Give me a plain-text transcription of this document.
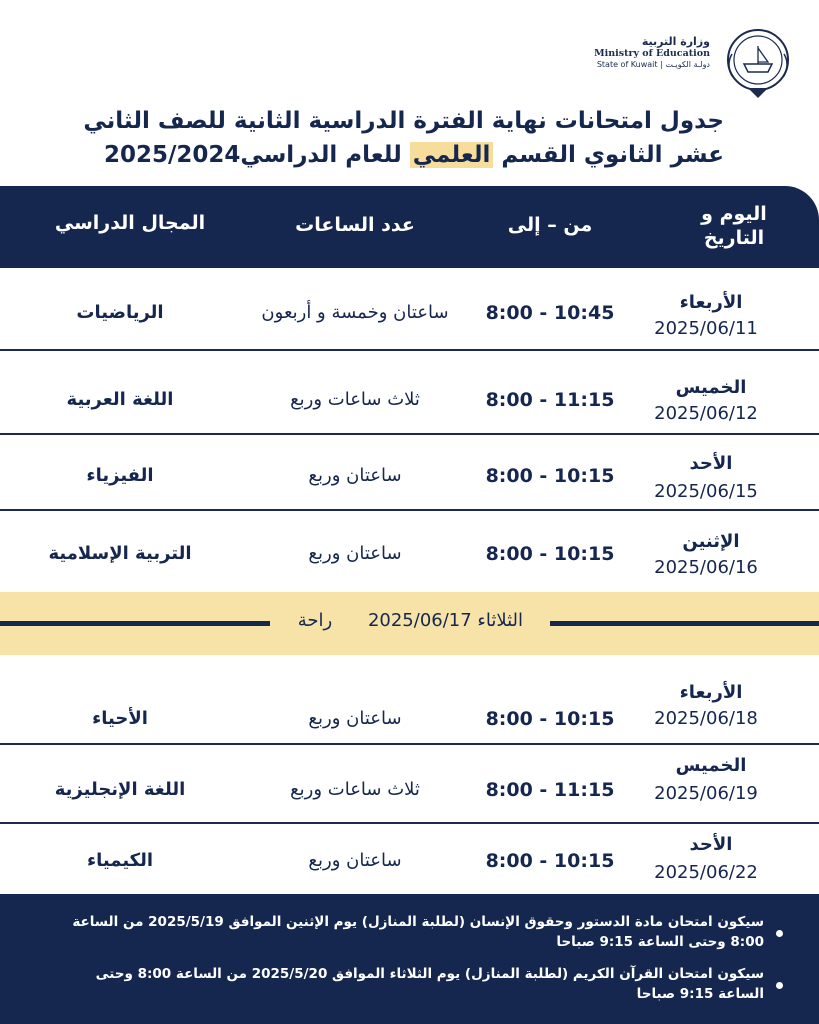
وزارة التربية
Ministry of Education
State of Kuwait | دولـة الكويـت
جدول امتحانات نهاية الفترة الدراسية الثانية للصف الثاني
عشر الثانوي القسم العلمي للعام الدراسي2025/2024
اليوم و التاريخ
من – إلى
عدد الساعات
المجال الدراسي
الأربعاء
2025/06/11
8:00 - 10:45
ساعتان وخمسة و أربعون
الرياضيات
الخميس
2025/06/12
8:00 - 11:15
ثلاث ساعات وربع
اللغة العربية
الأحد
2025/06/15
8:00 - 10:15
ساعتان وربع
الفيزياء
الإثنين
2025/06/16
8:00 - 10:15
ساعتان وربع
التربية الإسلامية
الثلاثاء 2025/06/17
راحة
الأربعاء
2025/06/18
8:00 - 10:15
ساعتان وربع
الأحياء
الخميس
2025/06/19
8:00 - 11:15
ثلاث ساعات وربع
اللغة الإنجليزية
الأحد
2025/06/22
8:00 - 10:15
ساعتان وربع
الكيمياء
سيكون امتحان مادة الدستور وحقوق الإنسان (لطلبة المنازل) يوم الإثنين الموافق 2025/5/19 من الساعة 8:00 وحتى الساعة 9:15 صباحا
سيكون امتحان القرآن الكريم (لطلبة المنازل) يوم الثلاثاء الموافق 2025/5/20 من الساعة 8:00 وحتى الساعة 9:15 صباحا
